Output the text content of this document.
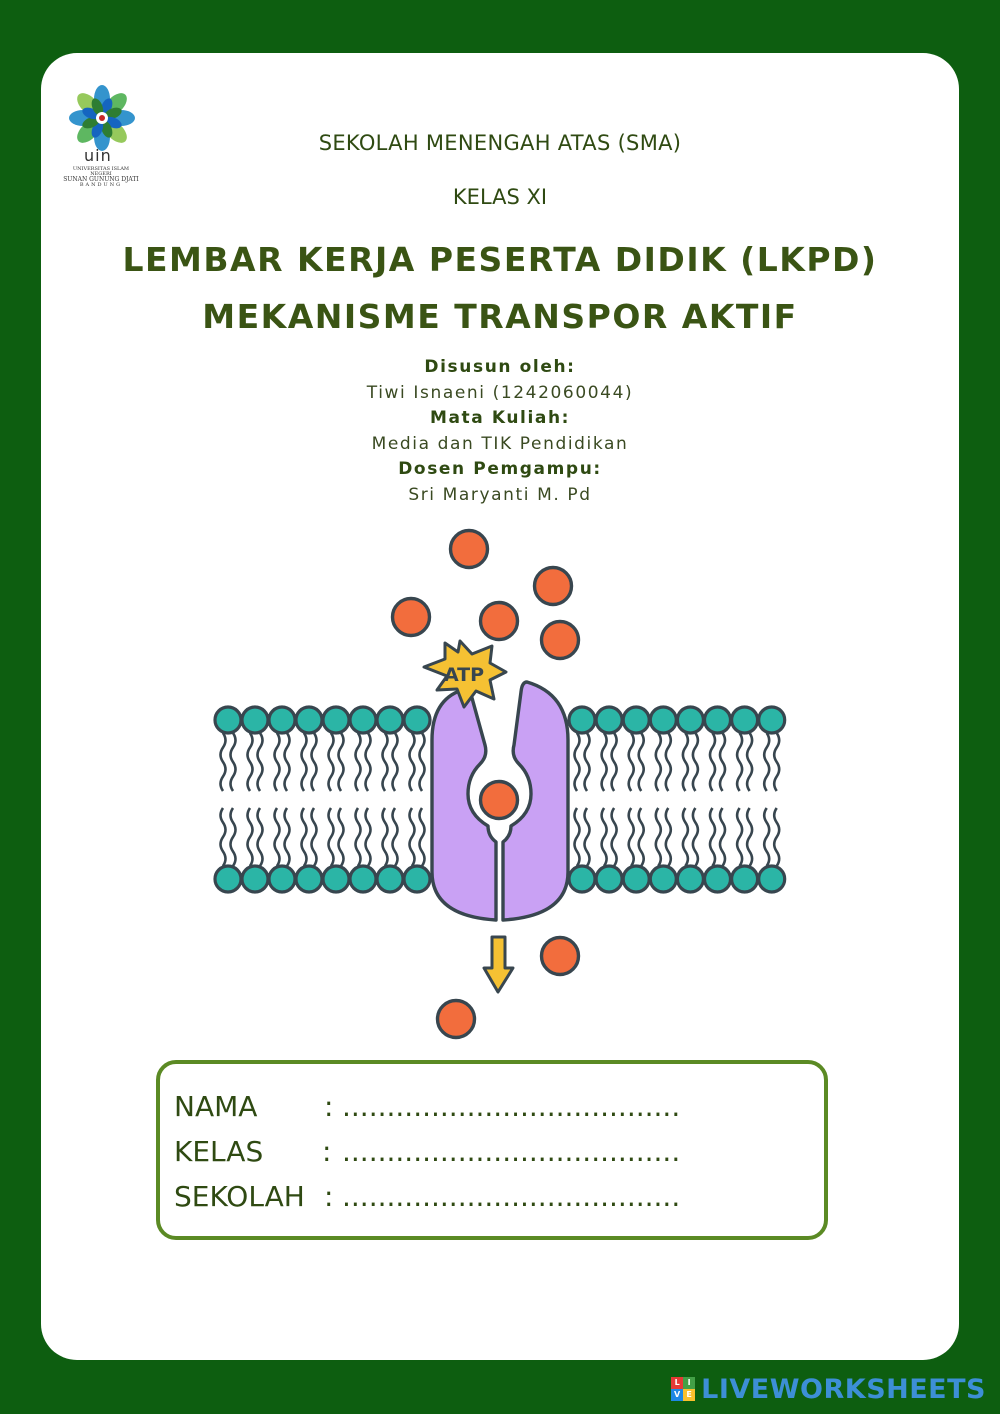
uin
UNIVERSITAS ISLAM NEGERI
SUNAN GUNUNG DJATI
BANDUNG
SEKOLAH MENENGAH ATAS (SMA)
KELAS XI
LEMBAR KERJA PESERTA DIDIK (LKPD)
MEKANISME TRANSPOR AKTIF
Disusun oleh:
Tiwi Isnaeni (1242060044)
Mata Kuliah:
Media dan TIK Pendidikan
Dosen Pemgampu:
Sri Maryanti M. Pd
ATP
NAMA : ......................................
KELAS : ......................................
SEKOLAH : ......................................
L I
V E LIVEWORKSHEETS
